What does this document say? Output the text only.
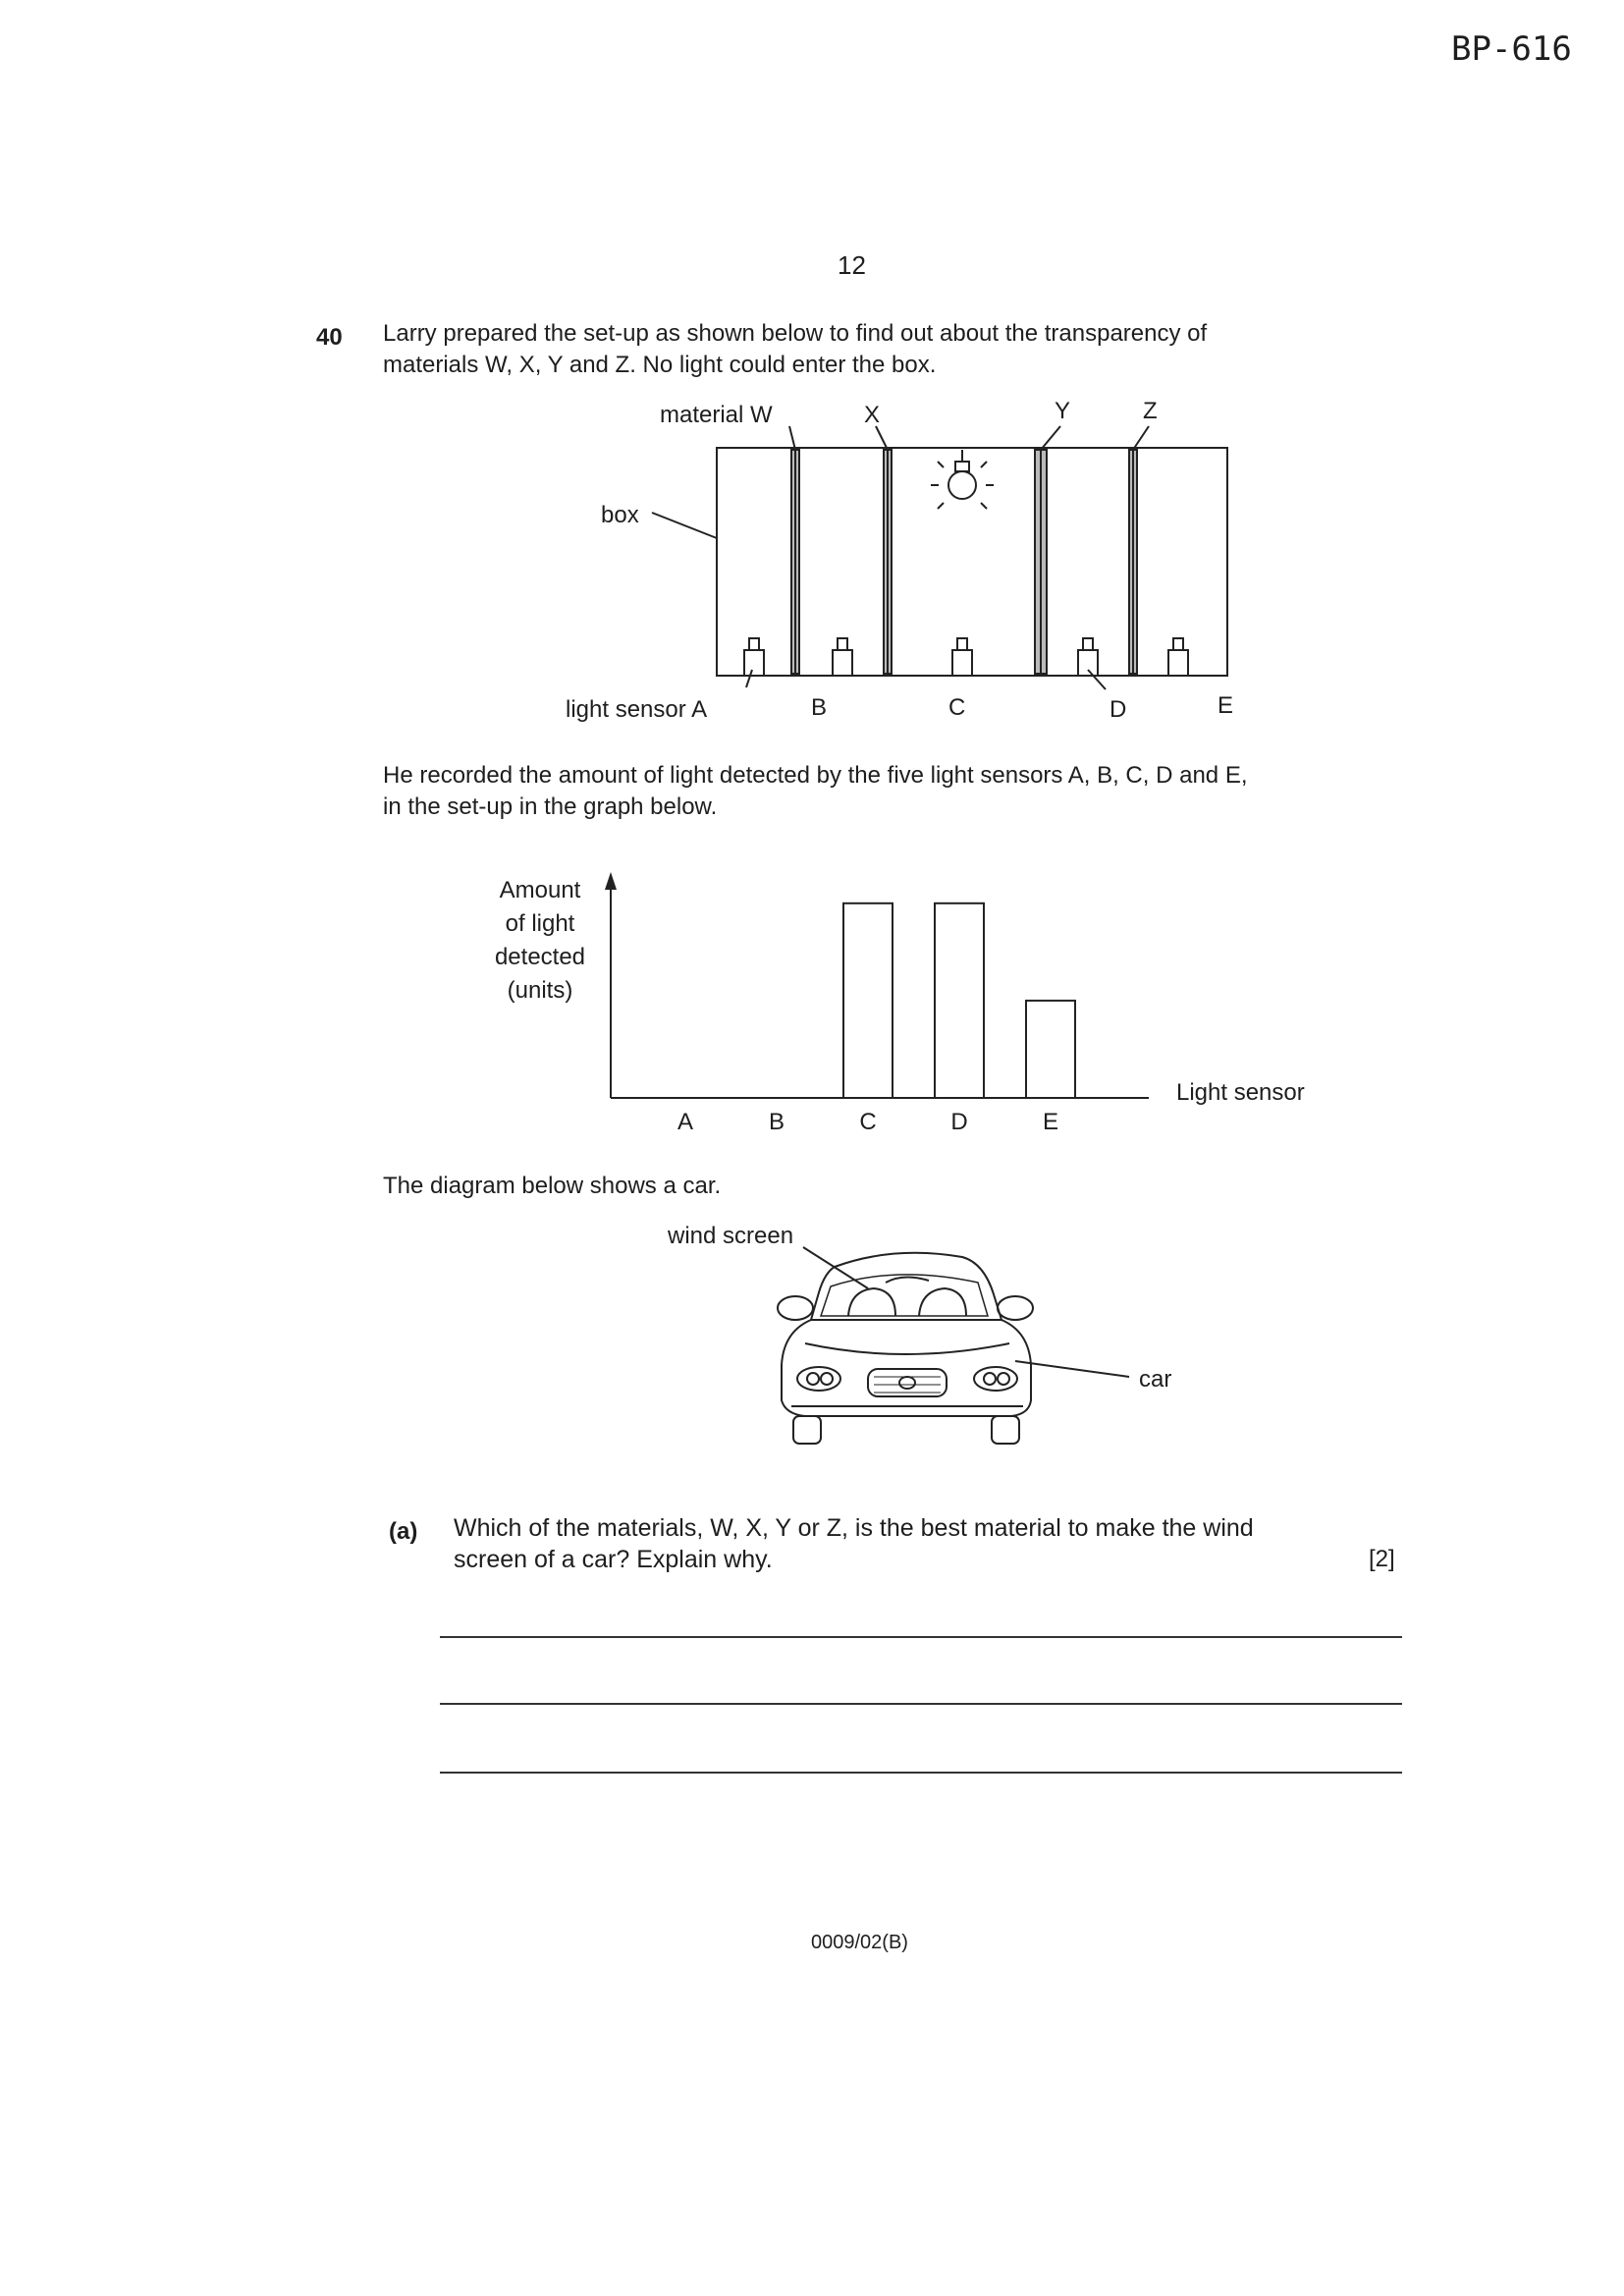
BP-616
12
40 Larry prepared the set-up as shown below to find out about the transparency of
materials W, X, Y and Z. No light could enter the box.
material W	X	Y	Z
box
light sensor A	B	C	D	E
He recorded the amount of light detected by the five light sensors A, B, C, D and E,
in the set-up in the graph below.
Amount
of light
detected
(units)
A	B	C	D	E
Light sensor
The diagram below shows a car.
wind screen
car
(a) Which of the materials, W, X, Y or Z, is the best material to make the wind
screen of a car? Explain why.	[2]
0009/02(B)
